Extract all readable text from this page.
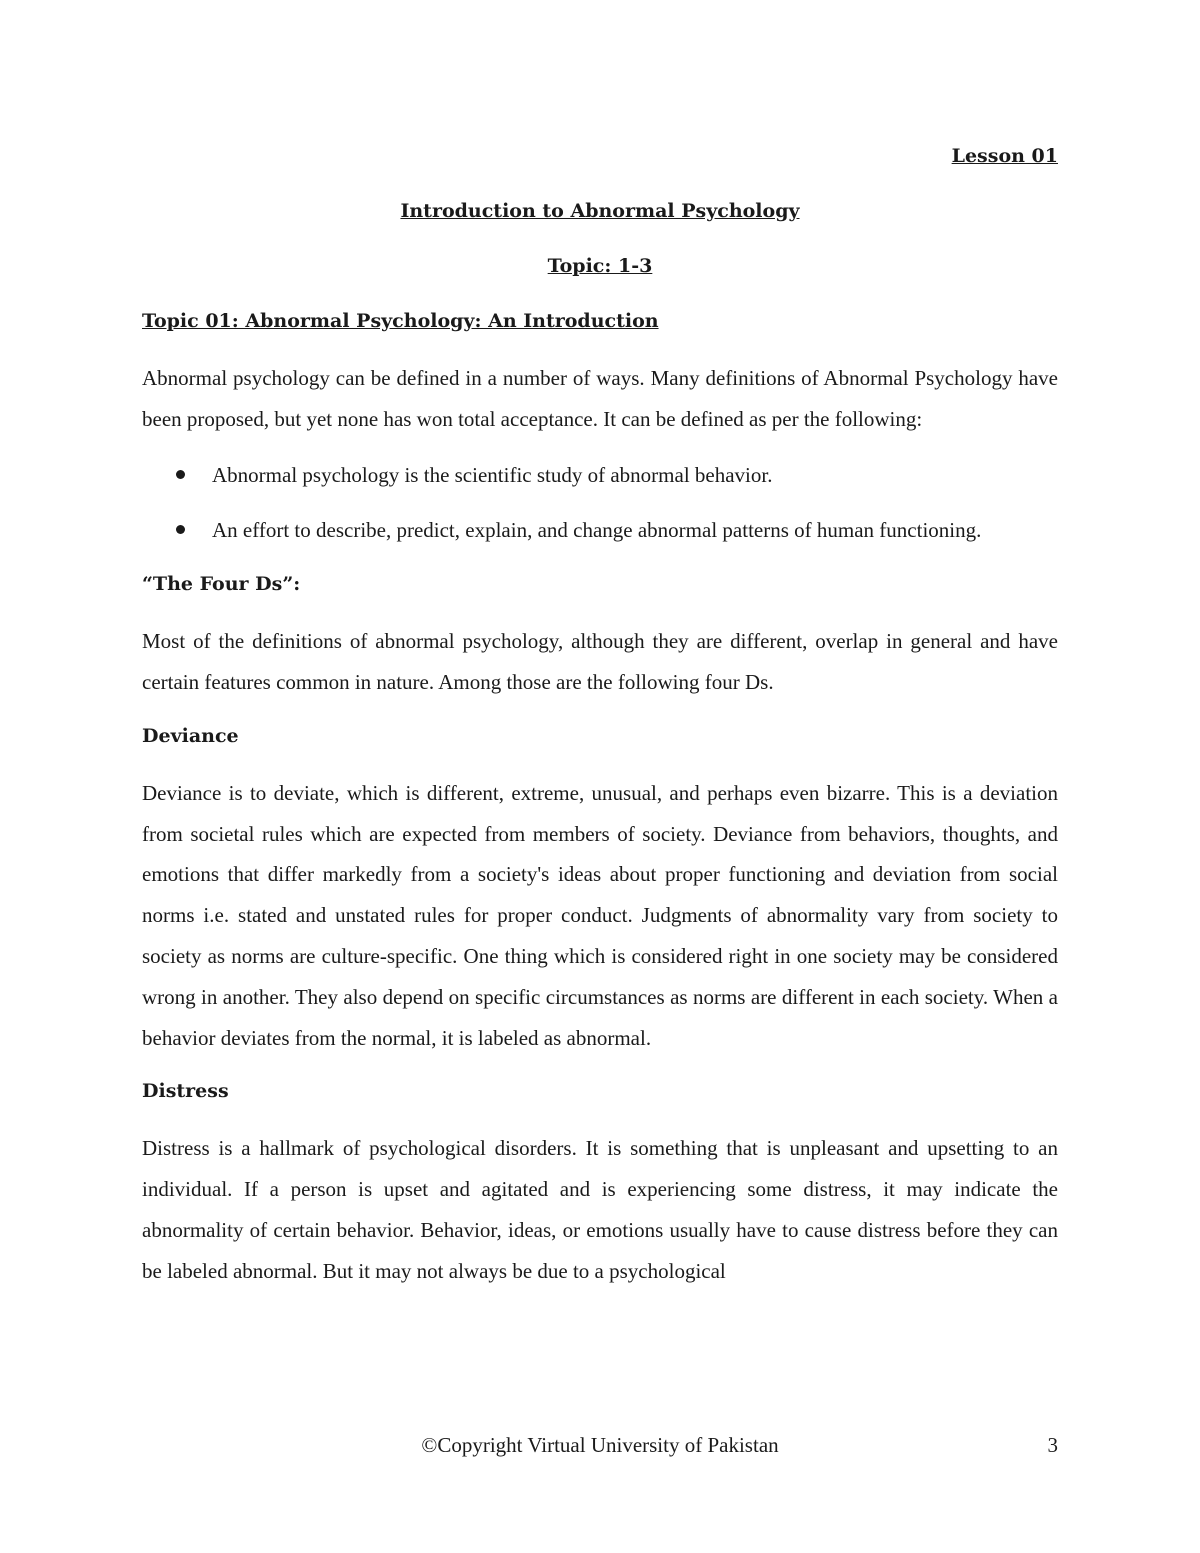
Lesson 01
Introduction to Abnormal Psychology
Topic: 1-3
Topic 01: Abnormal Psychology: An Introduction

Abnormal psychology can be defined in a number of ways. Many definitions of Abnormal Psychology have been proposed, but yet none has won total acceptance. It can be defined as per the following:

Abnormal psychology is the scientific study of abnormal behavior.
An effort to describe, predict, explain, and change abnormal patterns of human functioning.
“The Four Ds”:

Most of the definitions of abnormal psychology, although they are different, overlap in general and have certain features common in nature. Among those are the following four Ds.

Deviance

Deviance is to deviate, which is different, extreme, unusual, and perhaps even bizarre. This is a deviation from societal rules which are expected from members of society. Deviance from behaviors, thoughts, and emotions that differ markedly from a society's ideas about proper functioning and deviation from social norms i.e. stated and unstated rules for proper conduct. Judgments of abnormality vary from society to society as norms are culture-specific. One thing which is considered right in one society may be considered wrong in another. They also depend on specific circumstances as norms are different in each society. When a behavior deviates from the normal, it is labeled as abnormal.

Distress

Distress is a hallmark of psychological disorders. It is something that is unpleasant and upsetting to an individual. If a person is upset and agitated and is experiencing some distress, it may indicate the abnormality of certain behavior. Behavior, ideas, or emotions usually have to cause distress before they can be labeled abnormal. But it may not always be due to a psychological

©Copyright Virtual University of Pakistan	3
